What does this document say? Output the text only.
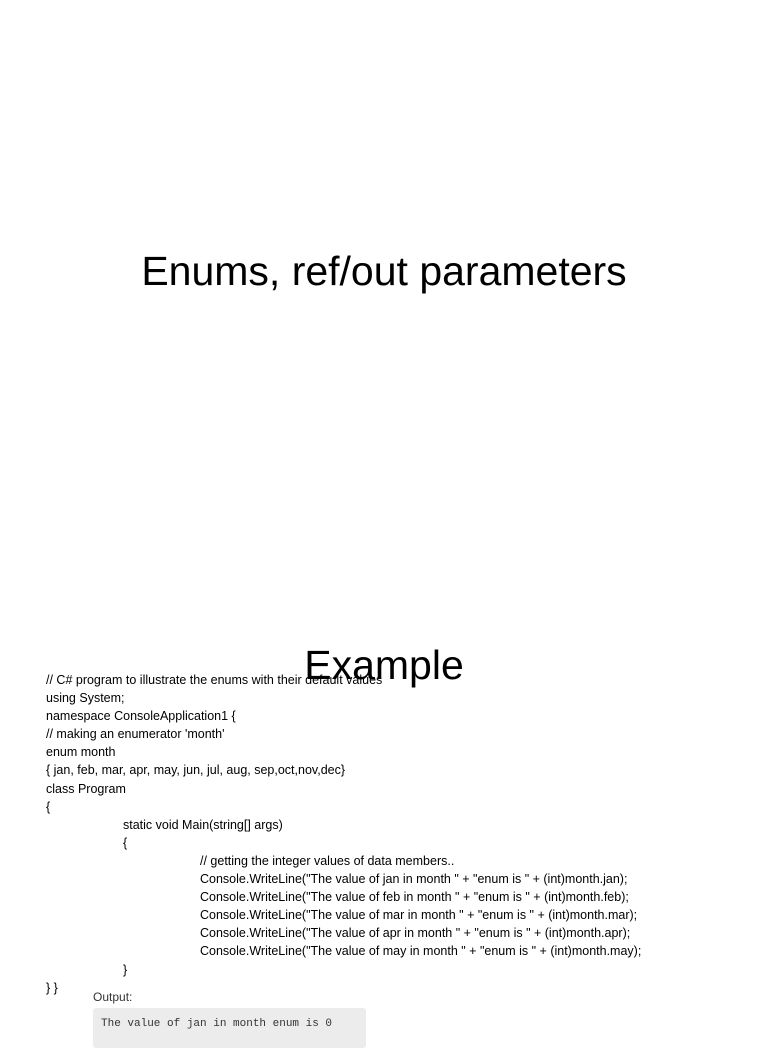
Enums, ref/out parameters
Example
// C# program to illustrate the enums with their default values
using System;
namespace ConsoleApplication1 {
// making an enumerator 'month'
enum month
{ jan, feb, mar, apr, may, jun, jul, aug, sep,oct,nov,dec}
class Program
{
static void Main(string[] args)
{
// getting the integer values of data members..
Console.WriteLine("The value of jan in month " + "enum is " + (int)month.jan);
Console.WriteLine("The value of feb in month " + "enum is " + (int)month.feb);
Console.WriteLine("The value of mar in month " + "enum is " + (int)month.mar);
Console.WriteLine("The value of apr in month " + "enum is " + (int)month.apr);
Console.WriteLine("The value of may in month " + "enum is " + (int)month.may);
}
} }
Output:
The value of jan in month enum is 0
